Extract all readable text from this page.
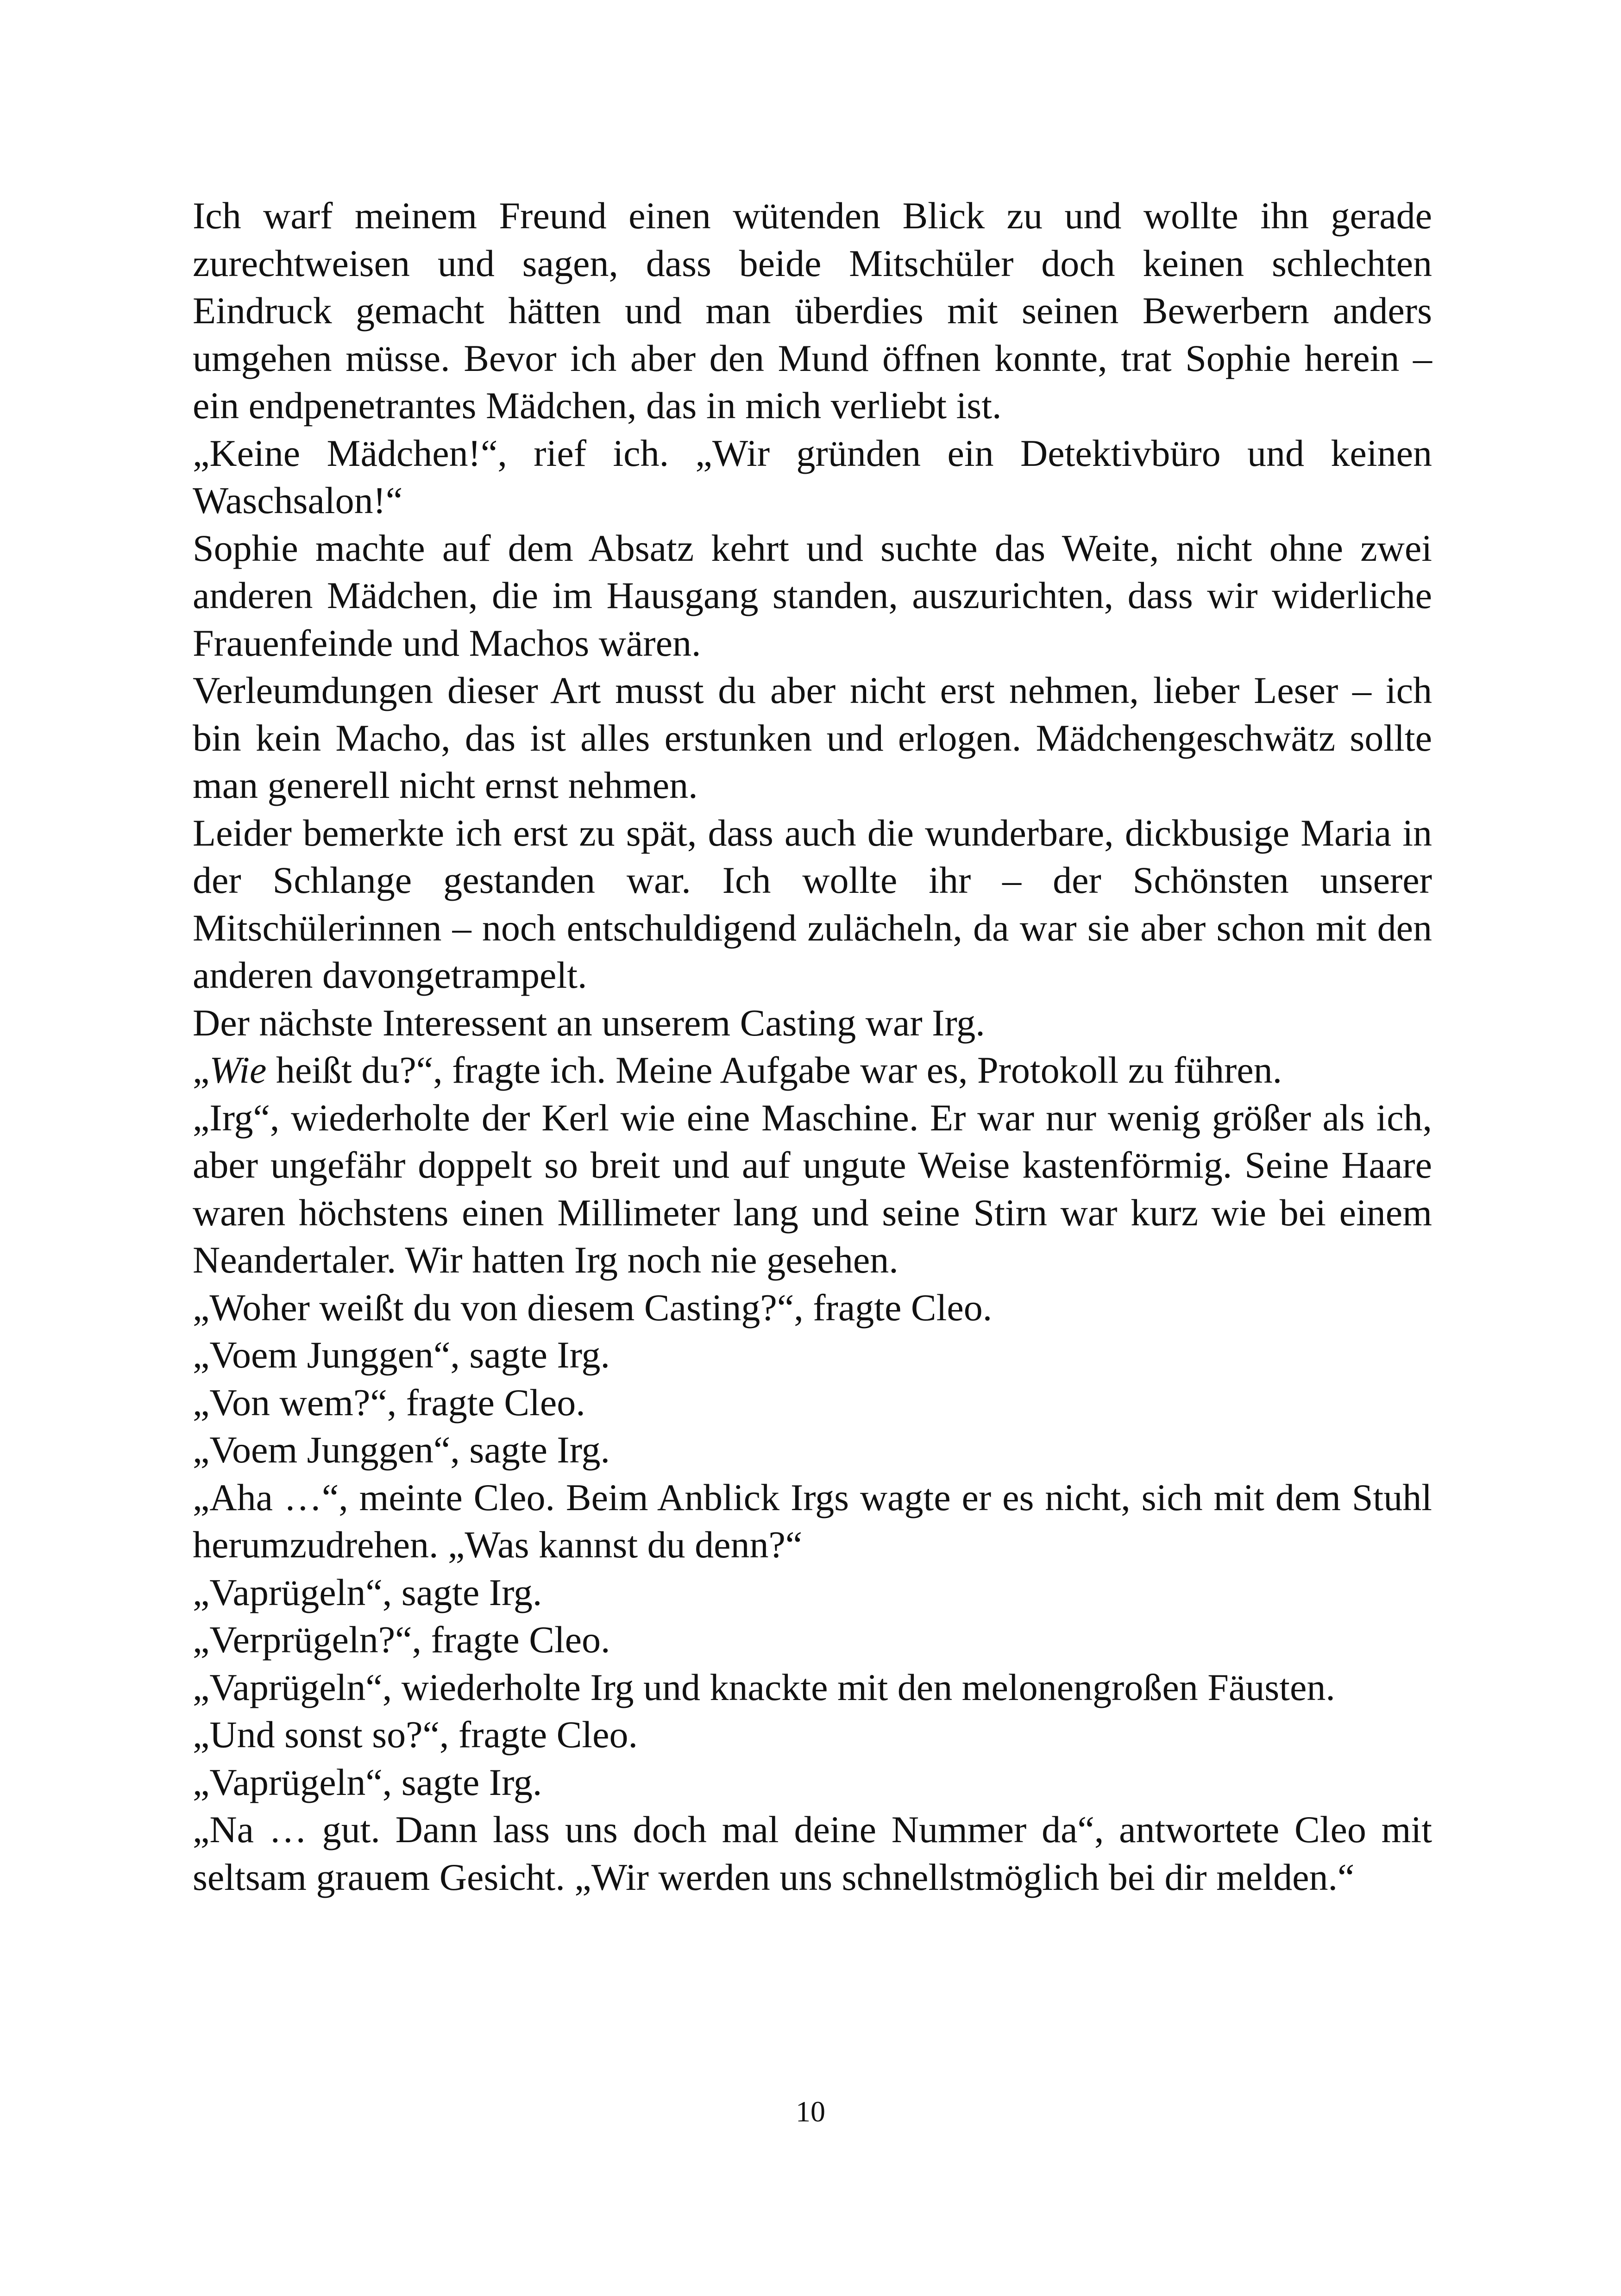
Ich warf meinem Freund einen wütenden Blick zu und wollte ihn gerade zurechtweisen und sagen, dass beide Mitschüler doch keinen schlechten Eindruck gemacht hätten und man überdies mit seinen Bewerbern anders umgehen müsse. Bevor ich aber den Mund öffnen konnte, trat Sophie herein – ein endpenetrantes Mädchen, das in mich verliebt ist.

„Keine Mädchen!“, rief ich. „Wir gründen ein Detektivbüro und keinen Waschsalon!“

Sophie machte auf dem Absatz kehrt und suchte das Weite, nicht ohne zwei anderen Mädchen, die im Hausgang standen, auszurichten, dass wir widerliche Frauenfeinde und Machos wären.

Verleumdungen dieser Art musst du aber nicht erst nehmen, lieber Leser – ich bin kein Macho, das ist alles erstunken und erlogen. Mädchengeschwätz sollte man generell nicht ernst nehmen.

Leider bemerkte ich erst zu spät, dass auch die wunderbare, dickbusige Maria in der Schlange gestanden war. Ich wollte ihr – der Schönsten unserer Mitschülerinnen – noch entschuldigend zulächeln, da war sie aber schon mit den anderen davongetrampelt.

Der nächste Interessent an unserem Casting war Irg.

„Wie heißt du?“, fragte ich. Meine Aufgabe war es, Protokoll zu führen.

„Irg“, wiederholte der Kerl wie eine Maschine. Er war nur wenig größer als ich, aber ungefähr doppelt so breit und auf ungute Weise kastenförmig. Seine Haare waren höchstens einen Millimeter lang und seine Stirn war kurz wie bei einem Neandertaler. Wir hatten Irg noch nie gesehen.

„Woher weißt du von diesem Casting?“, fragte Cleo.

„Voem Junggen“, sagte Irg.

„Von wem?“, fragte Cleo.

„Voem Junggen“, sagte Irg.

„Aha …“, meinte Cleo. Beim Anblick Irgs wagte er es nicht, sich mit dem Stuhl herumzudrehen. „Was kannst du denn?“

„Vaprügeln“, sagte Irg.

„Verprügeln?“, fragte Cleo.

„Vaprügeln“, wiederholte Irg und knackte mit den melonengroßen Fäusten.

„Und sonst so?“, fragte Cleo.

„Vaprügeln“, sagte Irg.

„Na … gut. Dann lass uns doch mal deine Nummer da“, antwortete Cleo mit seltsam grauem Gesicht. „Wir werden uns schnellstmöglich bei dir melden.“

10
